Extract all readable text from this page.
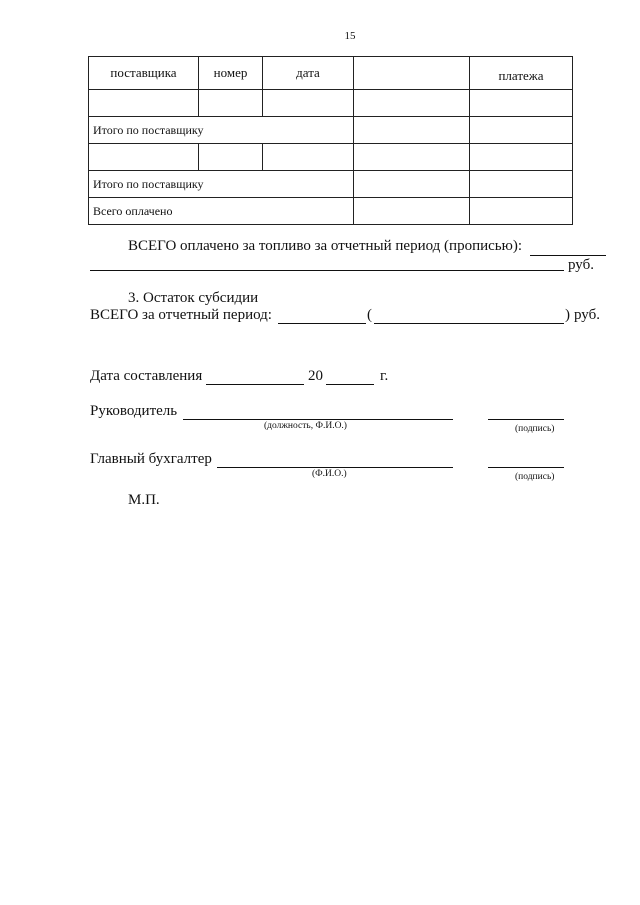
15
поставщика	номер	дата		платежа

Итого по поставщику				

Итого по поставщику				
Всего оплачено				
ВСЕГО оплачено за топливо за отчетный период (прописью):
руб.
3. Остаток субсидии
ВСЕГО за отчетный период:	(	) руб.
Дата составления	20	г.
Руководитель
(должность, Ф.И.О.)	(подпись)
Главный бухгалтер
(Ф.И.О.)	(подпись)
М.П.
